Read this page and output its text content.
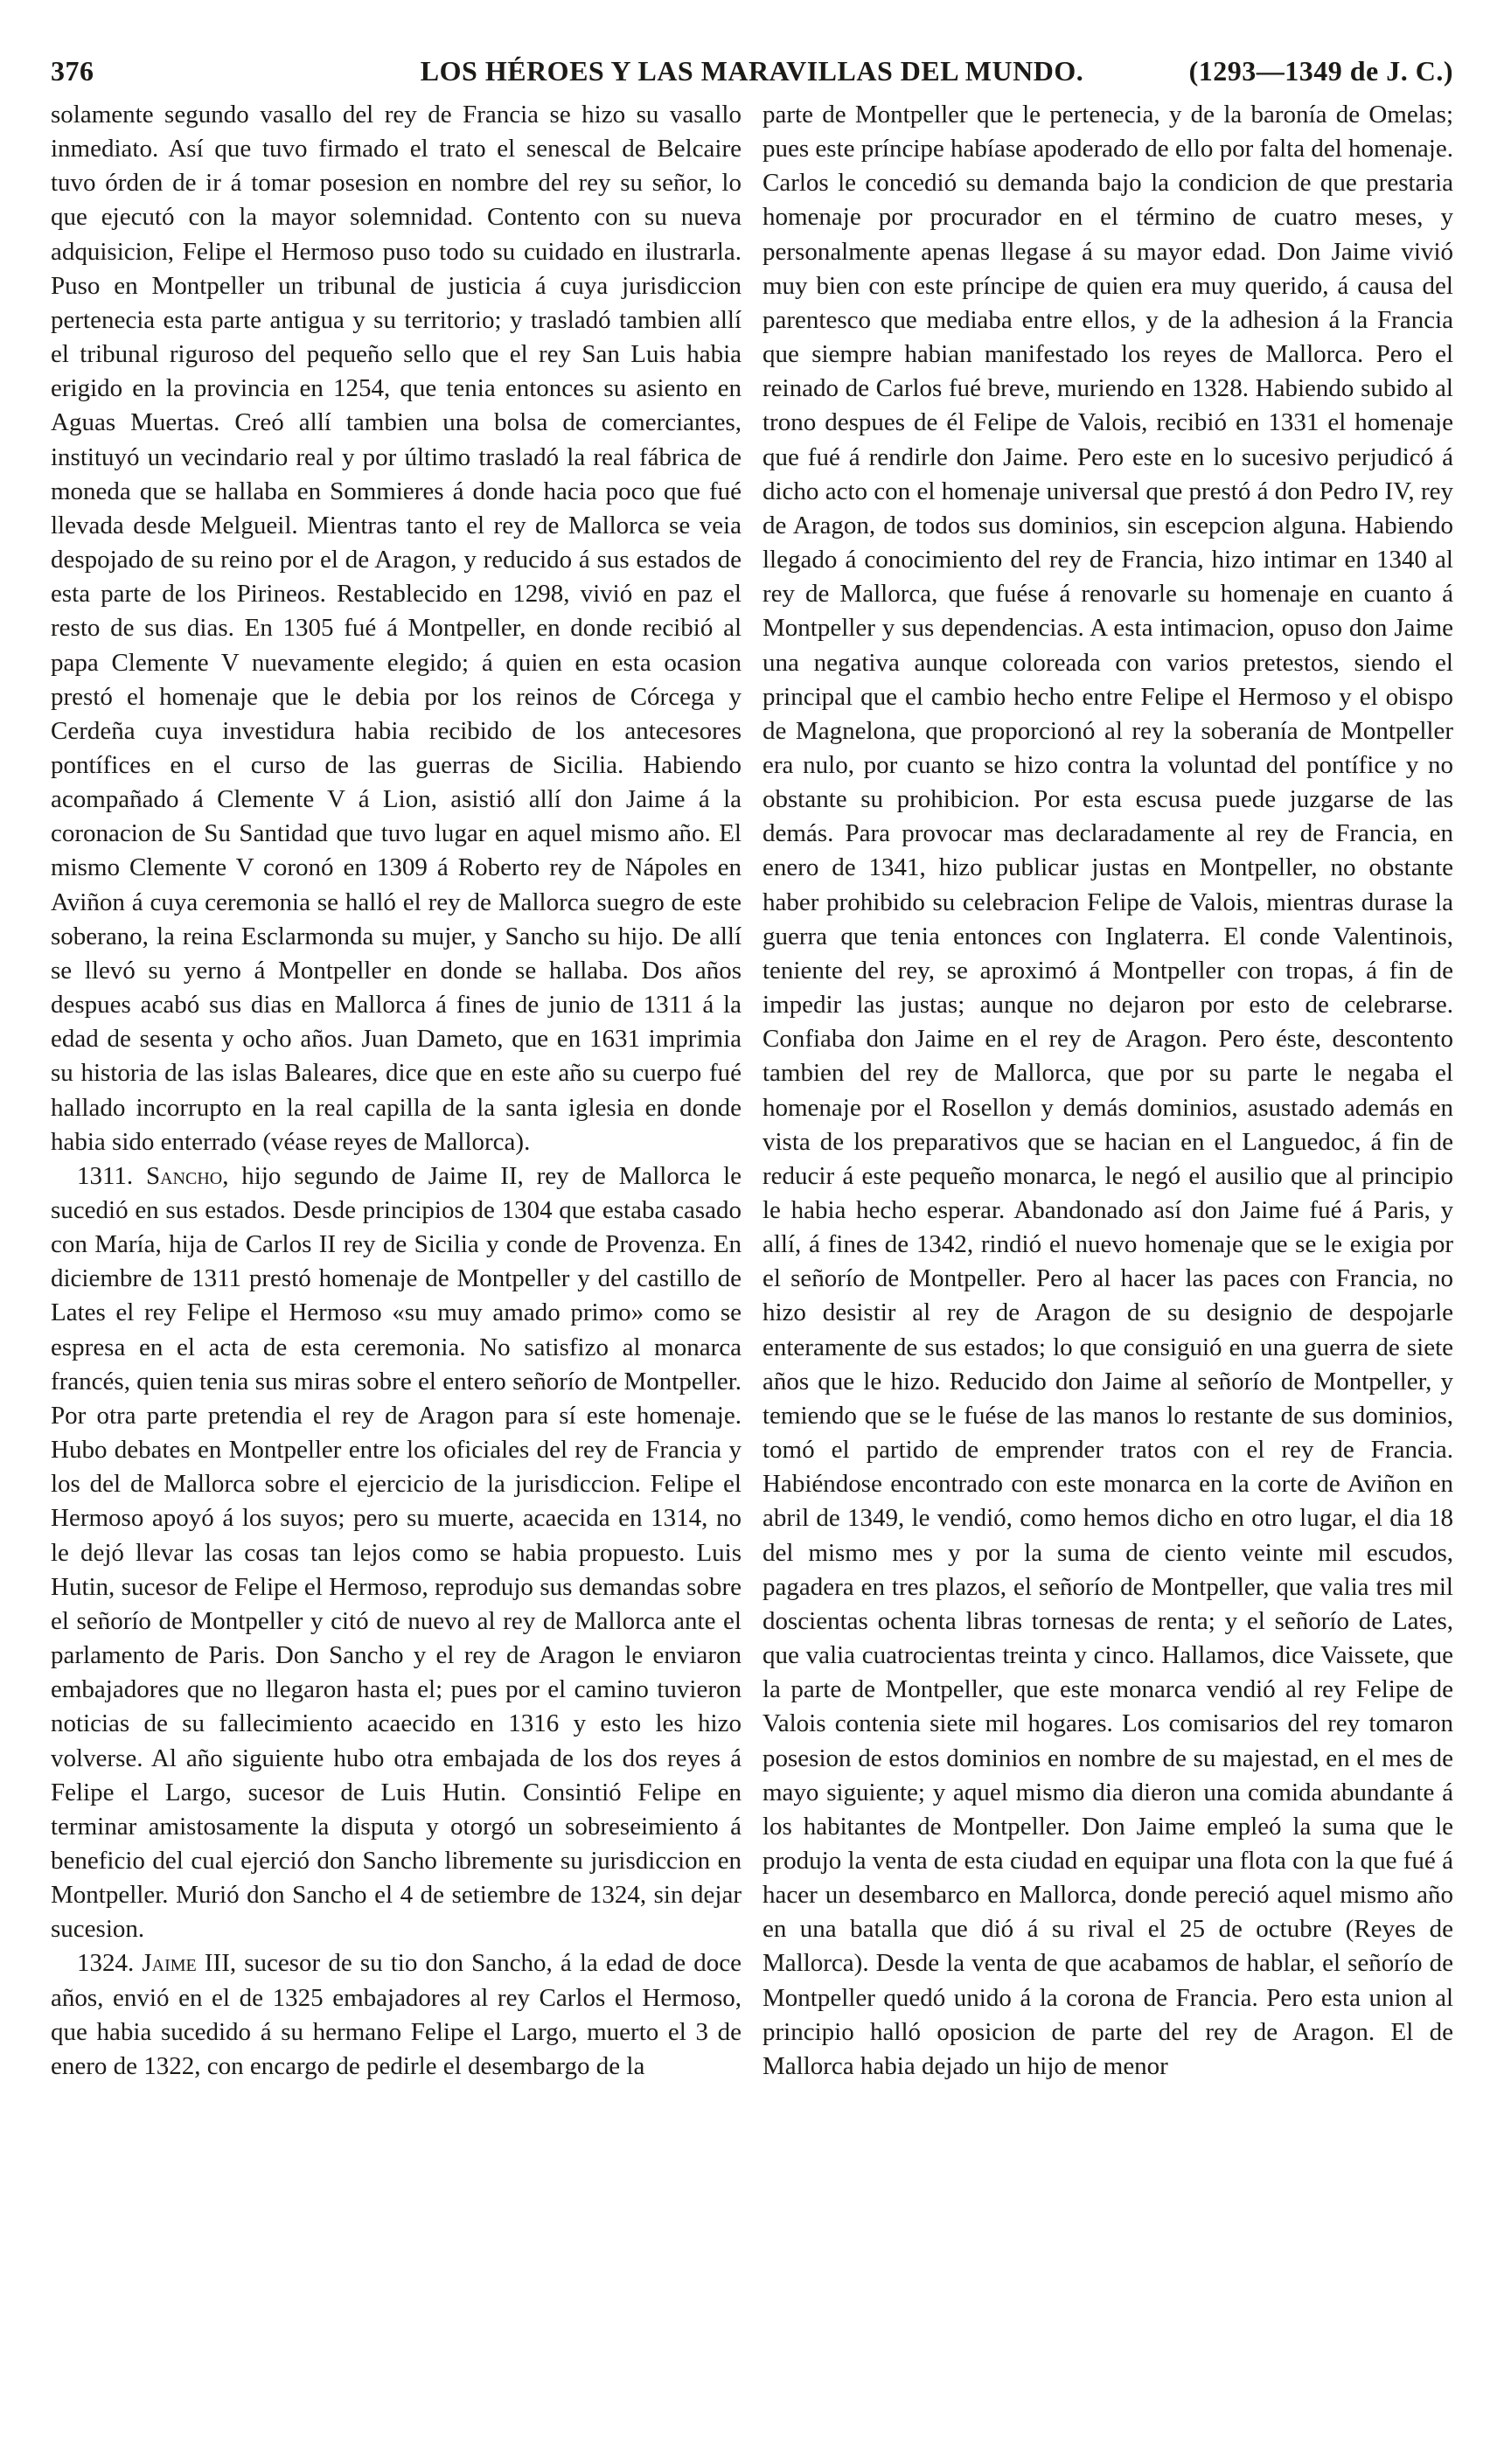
376	LOS HÉROES Y LAS MARAVILLAS DEL MUNDO.	(1293—1349 de J. C.)

solamente segundo vasallo del rey de Francia se hizo su vasallo inmediato. Así que tuvo firmado el trato el senescal de Belcaire tuvo órden de ir á tomar posesion en nombre del rey su señor, lo que ejecutó con la mayor solemnidad. Contento con su nueva adquisicion, Felipe el Hermoso puso todo su cuidado en ilustrarla. Puso en Montpeller un tribunal de justicia á cuya jurisdiccion pertenecia esta parte antigua y su territorio; y trasladó tambien allí el tribunal riguroso del pequeño sello que el rey San Luis habia erigido en la provincia en 1254, que tenia entonces su asiento en Aguas Muertas. Creó allí tambien una bolsa de comerciantes, instituyó un vecindario real y por último trasladó la real fábrica de moneda que se hallaba en Sommieres á donde hacia poco que fué llevada desde Melgueil. Mientras tanto el rey de Mallorca se veia despojado de su reino por el de Aragon, y reducido á sus estados de esta parte de los Pirineos. Restablecido en 1298, vivió en paz el resto de sus dias. En 1305 fué á Montpeller, en donde recibió al papa Clemente V nuevamente elegido; á quien en esta ocasion prestó el homenaje que le debia por los reinos de Córcega y Cerdeña cuya investidura habia recibido de los antecesores pontífices en el curso de las guerras de Sicilia. Habiendo acompañado á Clemente V á Lion, asistió allí don Jaime á la coronacion de Su Santidad que tuvo lugar en aquel mismo año. El mismo Clemente V coronó en 1309 á Roberto rey de Nápoles en Aviñon á cuya ceremonia se halló el rey de Mallorca suegro de este soberano, la reina Esclarmonda su mujer, y Sancho su hijo. De allí se llevó su yerno á Montpeller en donde se hallaba. Dos años despues acabó sus dias en Mallorca á fines de junio de 1311 á la edad de sesenta y ocho años. Juan Dameto, que en 1631 imprimia su historia de las islas Baleares, dice que en este año su cuerpo fué hallado incorrupto en la real capilla de la santa iglesia en donde habia sido enterrado (véase reyes de Mallorca).

1311. Sancho, hijo segundo de Jaime II, rey de Mallorca le sucedió en sus estados. Desde principios de 1304 que estaba casado con María, hija de Carlos II rey de Sicilia y conde de Provenza. En diciembre de 1311 prestó homenaje de Montpeller y del castillo de Lates el rey Felipe el Hermoso «su muy amado primo» como se espresa en el acta de esta ceremonia. No satisfizo al monarca francés, quien tenia sus miras sobre el entero señorío de Montpeller. Por otra parte pretendia el rey de Aragon para sí este homenaje. Hubo debates en Montpeller entre los oficiales del rey de Francia y los del de Mallorca sobre el ejercicio de la jurisdiccion. Felipe el Hermoso apoyó á los suyos; pero su muerte, acaecida en 1314, no le dejó llevar las cosas tan lejos como se habia propuesto. Luis Hutin, sucesor de Felipe el Hermoso, reprodujo sus demandas sobre el señorío de Montpeller y citó de nuevo al rey de Mallorca ante el parlamento de Paris. Don Sancho y el rey de Aragon le enviaron embajadores que no llegaron hasta el; pues por el camino tuvieron noticias de su fallecimiento acaecido en 1316 y esto les hizo volverse. Al año siguiente hubo otra embajada de los dos reyes á Felipe el Largo, sucesor de Luis Hutin. Consintió Felipe en terminar amistosamente la disputa y otorgó un sobreseimiento á beneficio del cual ejerció don Sancho libremente su jurisdiccion en Montpeller. Murió don Sancho el 4 de setiembre de 1324, sin dejar sucesion.

1324. Jaime III, sucesor de su tio don Sancho, á la edad de doce años, envió en el de 1325 embajadores al rey Carlos el Hermoso, que habia sucedido á su hermano Felipe el Largo, muerto el 3 de enero de 1322, con encargo de pedirle el desembargo de la

parte de Montpeller que le pertenecia, y de la baronía de Omelas; pues este príncipe habíase apoderado de ello por falta del homenaje. Carlos le concedió su demanda bajo la condicion de que prestaria homenaje por procurador en el término de cuatro meses, y personalmente apenas llegase á su mayor edad. Don Jaime vivió muy bien con este príncipe de quien era muy querido, á causa del parentesco que mediaba entre ellos, y de la adhesion á la Francia que siempre habian manifestado los reyes de Mallorca. Pero el reinado de Carlos fué breve, muriendo en 1328. Habiendo subido al trono despues de él Felipe de Valois, recibió en 1331 el homenaje que fué á rendirle don Jaime. Pero este en lo sucesivo perjudicó á dicho acto con el homenaje universal que prestó á don Pedro IV, rey de Aragon, de todos sus dominios, sin escepcion alguna. Habiendo llegado á conocimiento del rey de Francia, hizo intimar en 1340 al rey de Mallorca, que fuése á renovarle su homenaje en cuanto á Montpeller y sus dependencias. A esta intimacion, opuso don Jaime una negativa aunque coloreada con varios pretestos, siendo el principal que el cambio hecho entre Felipe el Hermoso y el obispo de Magnelona, que proporcionó al rey la soberanía de Montpeller era nulo, por cuanto se hizo contra la voluntad del pontífice y no obstante su prohibicion. Por esta escusa puede juzgarse de las demás. Para provocar mas declaradamente al rey de Francia, en enero de 1341, hizo publicar justas en Montpeller, no obstante haber prohibido su celebracion Felipe de Valois, mientras durase la guerra que tenia entonces con Inglaterra. El conde Valentinois, teniente del rey, se aproximó á Montpeller con tropas, á fin de impedir las justas; aunque no dejaron por esto de celebrarse. Confiaba don Jaime en el rey de Aragon. Pero éste, descontento tambien del rey de Mallorca, que por su parte le negaba el homenaje por el Rosellon y demás dominios, asustado además en vista de los preparativos que se hacian en el Languedoc, á fin de reducir á este pequeño monarca, le negó el ausilio que al principio le habia hecho esperar. Abandonado así don Jaime fué á Paris, y allí, á fines de 1342, rindió el nuevo homenaje que se le exigia por el señorío de Montpeller. Pero al hacer las paces con Francia, no hizo desistir al rey de Aragon de su designio de despojarle enteramente de sus estados; lo que consiguió en una guerra de siete años que le hizo. Reducido don Jaime al señorío de Montpeller, y temiendo que se le fuése de las manos lo restante de sus dominios, tomó el partido de emprender tratos con el rey de Francia. Habiéndose encontrado con este monarca en la corte de Aviñon en abril de 1349, le vendió, como hemos dicho en otro lugar, el dia 18 del mismo mes y por la suma de ciento veinte mil escudos, pagadera en tres plazos, el señorío de Montpeller, que valia tres mil doscientas ochenta libras tornesas de renta; y el señorío de Lates, que valia cuatrocientas treinta y cinco. Hallamos, dice Vaissete, que la parte de Montpeller, que este monarca vendió al rey Felipe de Valois contenia siete mil hogares. Los comisarios del rey tomaron posesion de estos dominios en nombre de su majestad, en el mes de mayo siguiente; y aquel mismo dia dieron una comida abundante á los habitantes de Montpeller. Don Jaime empleó la suma que le produjo la venta de esta ciudad en equipar una flota con la que fué á hacer un desembarco en Mallorca, donde pereció aquel mismo año en una batalla que dió á su rival el 25 de octubre (Reyes de Mallorca). Desde la venta de que acabamos de hablar, el señorío de Montpeller quedó unido á la corona de Francia. Pero esta union al principio halló oposicion de parte del rey de Aragon. El de Mallorca habia dejado un hijo de menor
